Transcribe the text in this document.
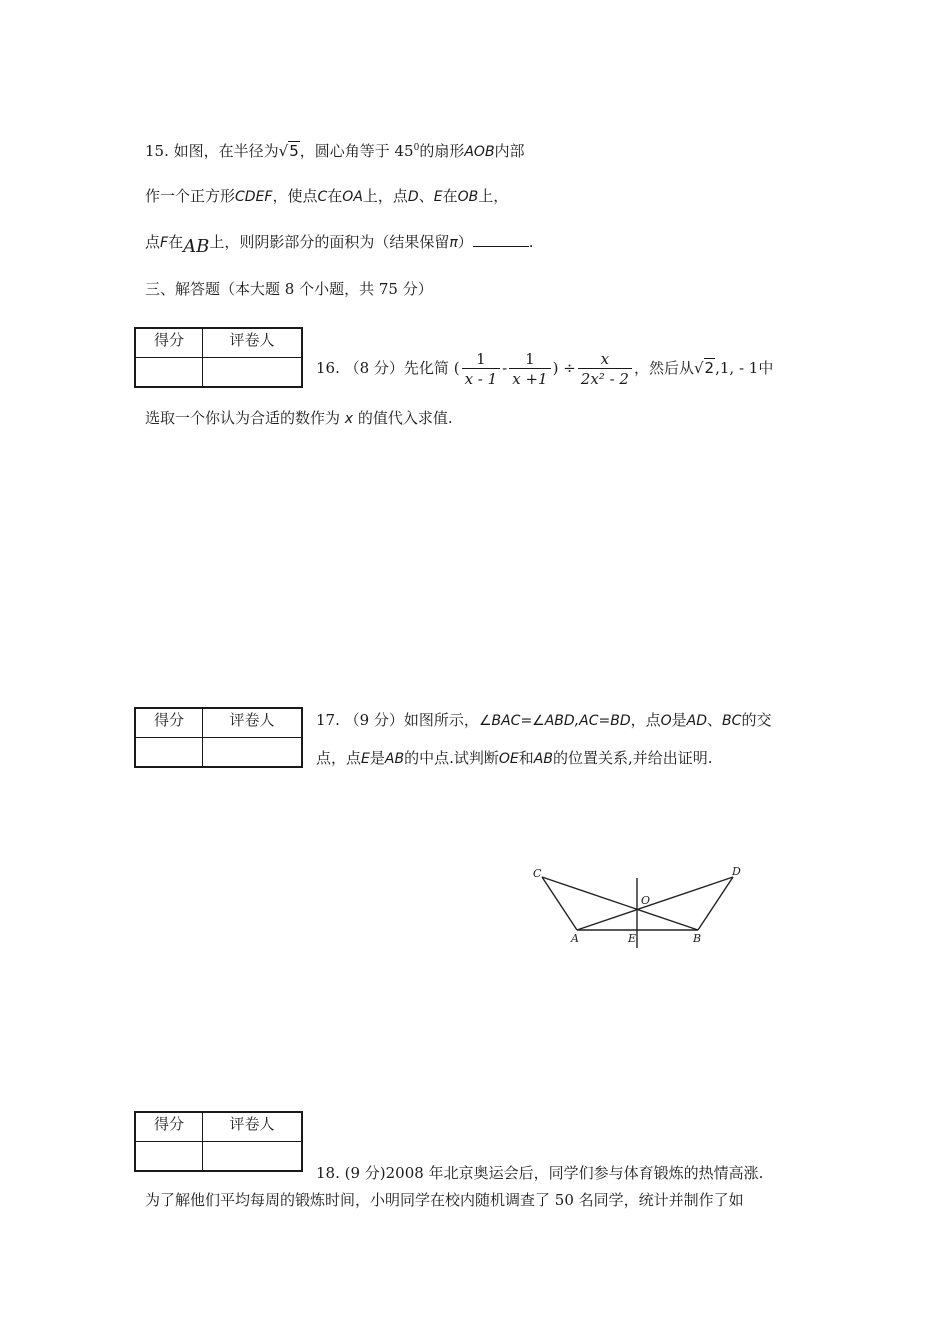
15. 如图，在半径为√5，圆心角等于 $45^0$的扇形AOB内部
作一个正方形CDEF，使点C在OA上，点D、E在OB上，
点F在AB上，则阴影部分的面积为（结果保留π）	.
三、解答题（本大题 8 个小题，共 75 分）
得分	评卷人

16. （8 分）先化简 ( $\frac{1}{x - 1} - \frac{1}{x +1}$ ) ÷ $\frac{x}{\text{2x² - 2}}$ ，然后从√2,1, - 1中
选取一个你认为合适的数作为 x 的值代入求值.
得分	评卷人
		17. （9 分）如图所示，∠BAC=∠ABD,AC=BD，点O是AD、BC的交
点，点E是AB的中点.试判断OE和AB的位置关系,并给出证明.
C	D
O
A	E	B
得分	评卷人

18. (9 分)2008 年北京奥运会后，同学们参与体育锻炼的热情高涨.
为了解他们平均每周的锻炼时间，小明同学在校内随机调查了 50 名同学，统计并制作了如
